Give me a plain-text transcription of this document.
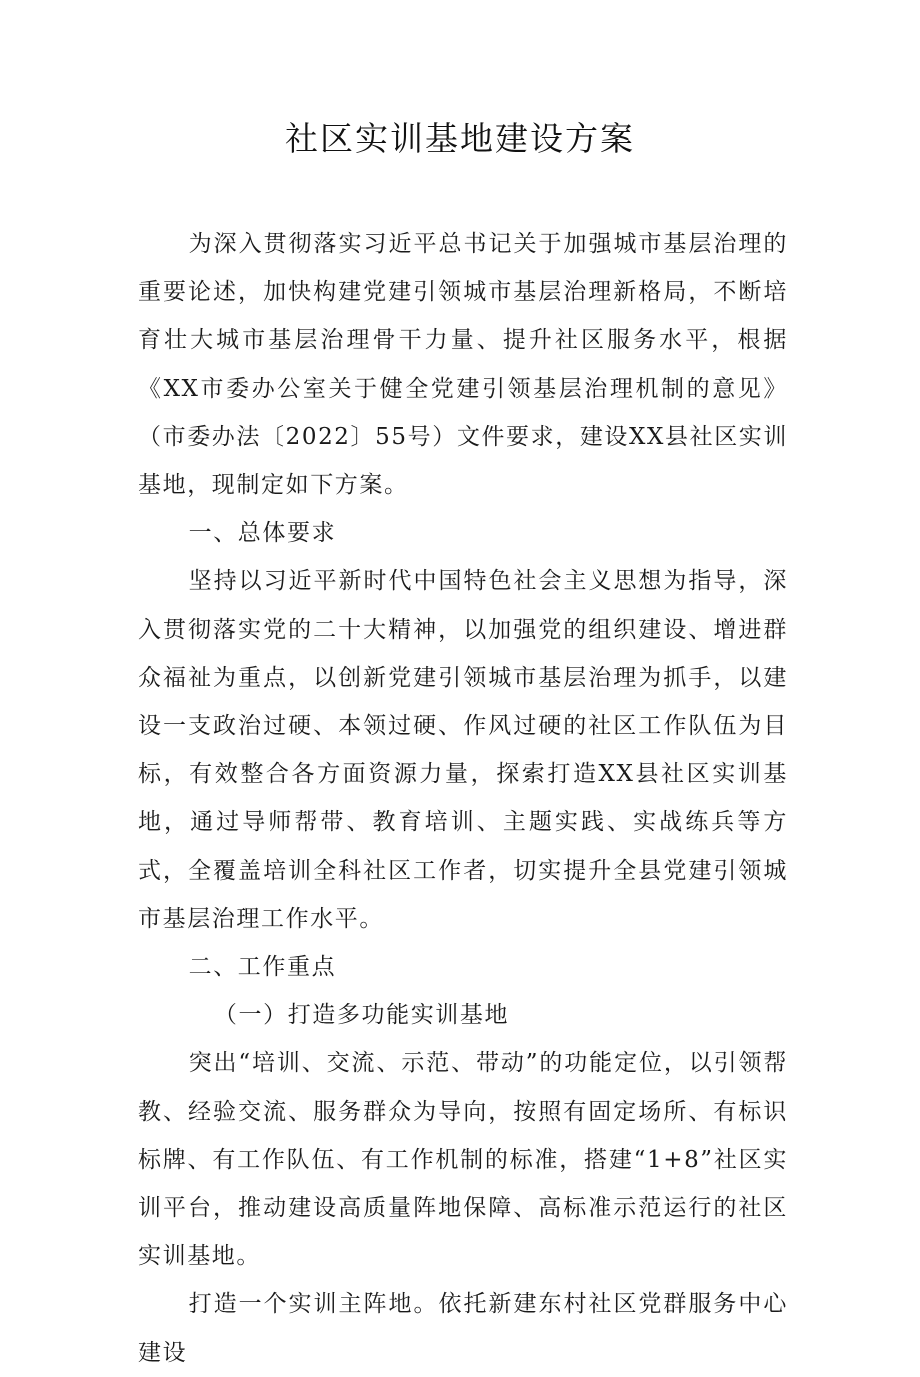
社区实训基地建设方案

为深入贯彻落实习近平总书记关于加强城市基层治理的重要论述，加快构建党建引领城市基层治理新格局，不断培育壮大城市基层治理骨干力量、提升社区服务水平，根据《XX市委办公室关于健全党建引领基层治理机制的意见》（市委办法〔2022〕55号）文件要求，建设XX县社区实训基地，现制定如下方案。

一、总体要求

坚持以习近平新时代中国特色社会主义思想为指导，深入贯彻落实党的二十大精神，以加强党的组织建设、增进群众福祉为重点，以创新党建引领城市基层治理为抓手，以建设一支政治过硬、本领过硬、作风过硬的社区工作队伍为目标，有效整合各方面资源力量，探索打造XX县社区实训基地，通过导师帮带、教育培训、主题实践、实战练兵等方式，全覆盖培训全科社区工作者，切实提升全县党建引领城市基层治理工作水平。

二、工作重点

（一）打造多功能实训基地

突出“培训、交流、示范、带动”的功能定位，以引领帮教、经验交流、服务群众为导向，按照有固定场所、有标识标牌、有工作队伍、有工作机制的标准，搭建“1+8”社区实训平台，推动建设高质量阵地保障、高标准示范运行的社区实训基地。

打造一个实训主阵地。依托新建东村社区党群服务中心建设
